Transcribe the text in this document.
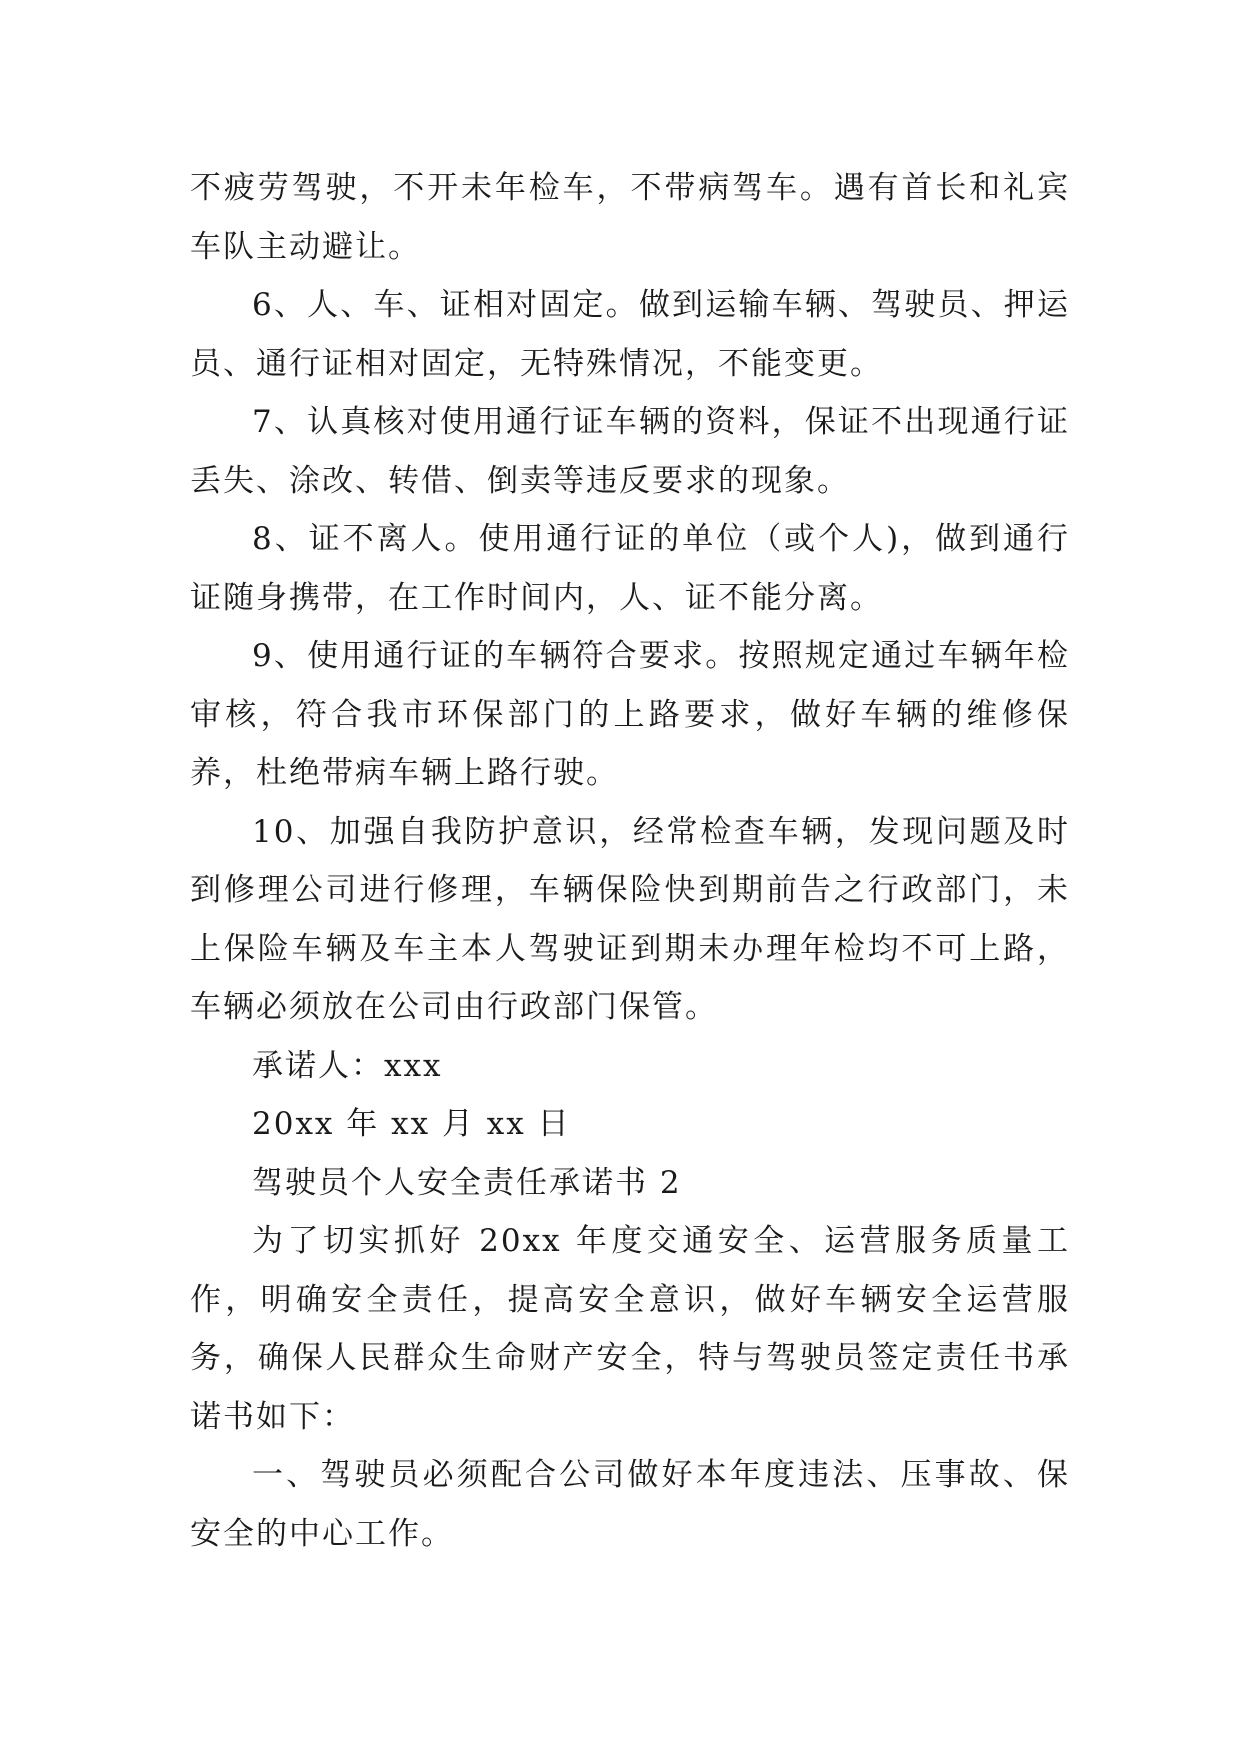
不疲劳驾驶，不开未年检车，不带病驾车。遇有首长和礼宾车队主动避让。

6、人、车、证相对固定。做到运输车辆、驾驶员、押运员、通行证相对固定，无特殊情况，不能变更。

7、认真核对使用通行证车辆的资料，保证不出现通行证丢失、涂改、转借、倒卖等违反要求的现象。

8、证不离人。使用通行证的单位（或个人)，做到通行证随身携带，在工作时间内，人、证不能分离。

9、使用通行证的车辆符合要求。按照规定通过车辆年检审核，符合我市环保部门的上路要求，做好车辆的维修保养，杜绝带病车辆上路行驶。

10、加强自我防护意识，经常检查车辆，发现问题及时到修理公司进行修理，车辆保险快到期前告之行政部门，未上保险车辆及车主本人驾驶证到期未办理年检均不可上路，车辆必须放在公司由行政部门保管。

承诺人：xxx

20xx 年 xx 月 xx 日

驾驶员个人安全责任承诺书 2

为了切实抓好 20xx 年度交通安全、运营服务质量工作，明确安全责任，提高安全意识，做好车辆安全运营服务，确保人民群众生命财产安全，特与驾驶员签定责任书承诺书如下：

一、驾驶员必须配合公司做好本年度违法、压事故、保安全的中心工作。
